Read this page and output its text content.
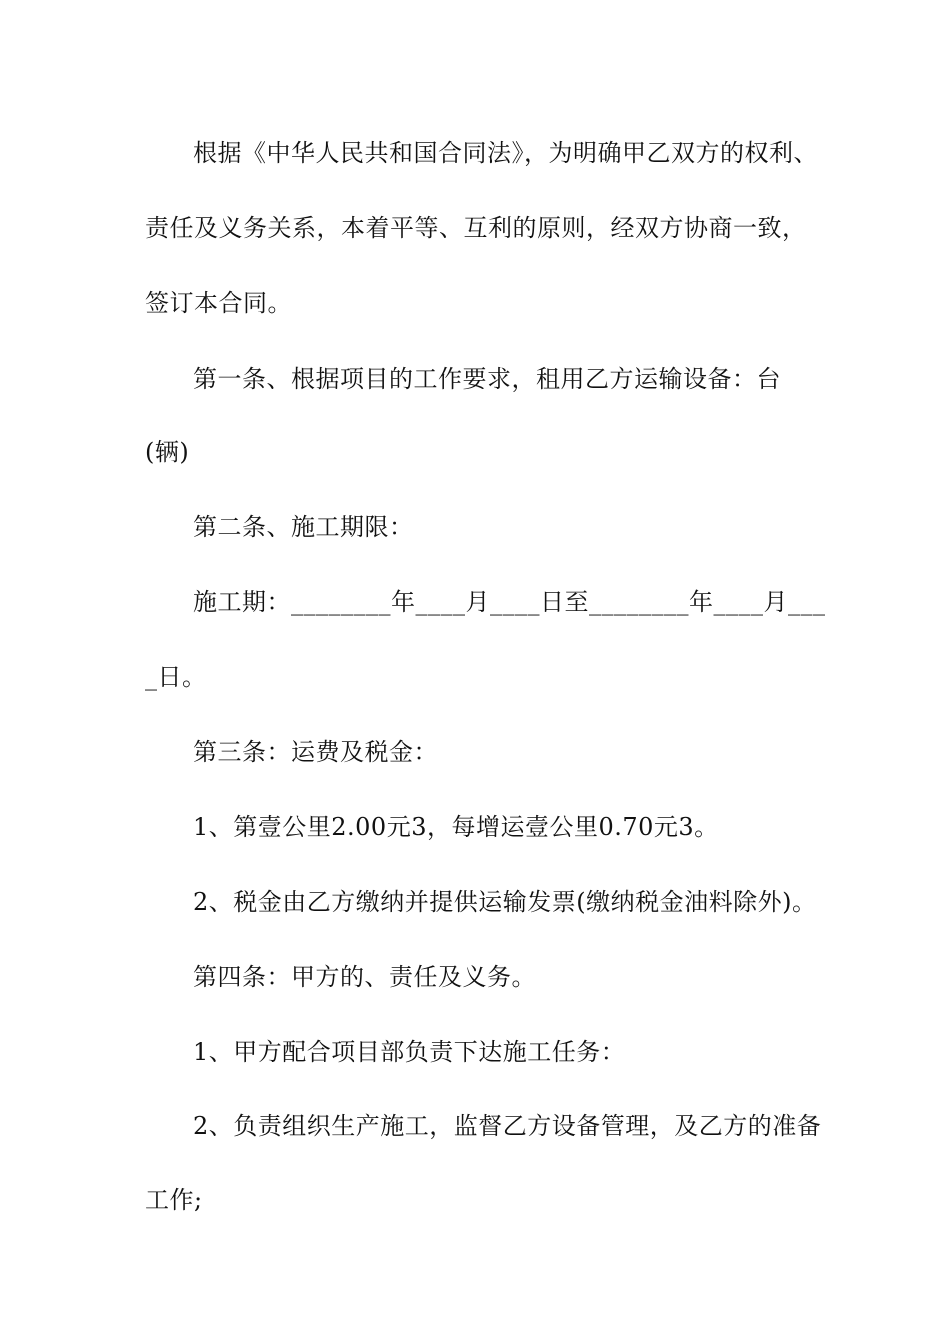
根据《中华人民共和国合同法》，为明确甲乙双方的权利、
责任及义务关系，本着平等、互利的原则，经双方协商一致，
签订本合同。
第一条、根据项目的工作要求，租用乙方运输设备：台
(辆)
第二条、施工期限：
施工期：________年____月____日至________年____月___
_日。
第三条：运费及税金：
1、第壹公里2.00元3，每增运壹公里0.70元3。
2、税金由乙方缴纳并提供运输发票(缴纳税金油料除外)。
第四条：甲方的、责任及义务。
1、甲方配合项目部负责下达施工任务：
2、负责组织生产施工，监督乙方设备管理，及乙方的准备
工作;
